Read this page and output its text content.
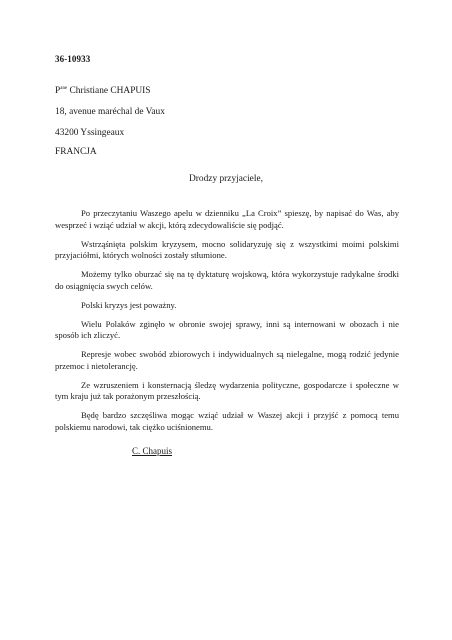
36-10933
$P^{ane}$ Christiane CHAPUIS
18, avenue maréchal de Vaux
43200 Yssingeaux
FRANCJA
Drodzy przyjaciele,

Po przeczytaniu Waszego apelu w dzienniku „La Croix” spieszę, by napisać do Was, aby wesprzeć i wziąć udział w akcji, którą zdecydowaliście się podjąć.

Wstrząśnięta polskim kryzysem, mocno solidaryzuję się z wszystkimi moimi polskimi przyjaciółmi, których wolności zostały stłumione.

Możemy tylko oburzać się na tę dyktaturę wojskową, która wykorzystuje radykalne środki do osiągnięcia swych celów.

Polski kryzys jest poważny.

Wielu Polaków zginęło w obronie swojej sprawy, inni są internowani w obozach i nie sposób ich zliczyć.

Represje wobec swobód zbiorowych i indywidualnych są nielegalne, mogą rodzić jedynie przemoc i nietolerancję.

Ze wzruszeniem i konsternacją śledzę wydarzenia polityczne, gospodarcze i społeczne w tym kraju już tak porażonym przeszłością.

Będę bardzo szczęśliwa mogąc wziąć udział w Waszej akcji i przyjść z pomocą temu polskiemu narodowi, tak ciężko uciśnionemu.

C. Chapuis
